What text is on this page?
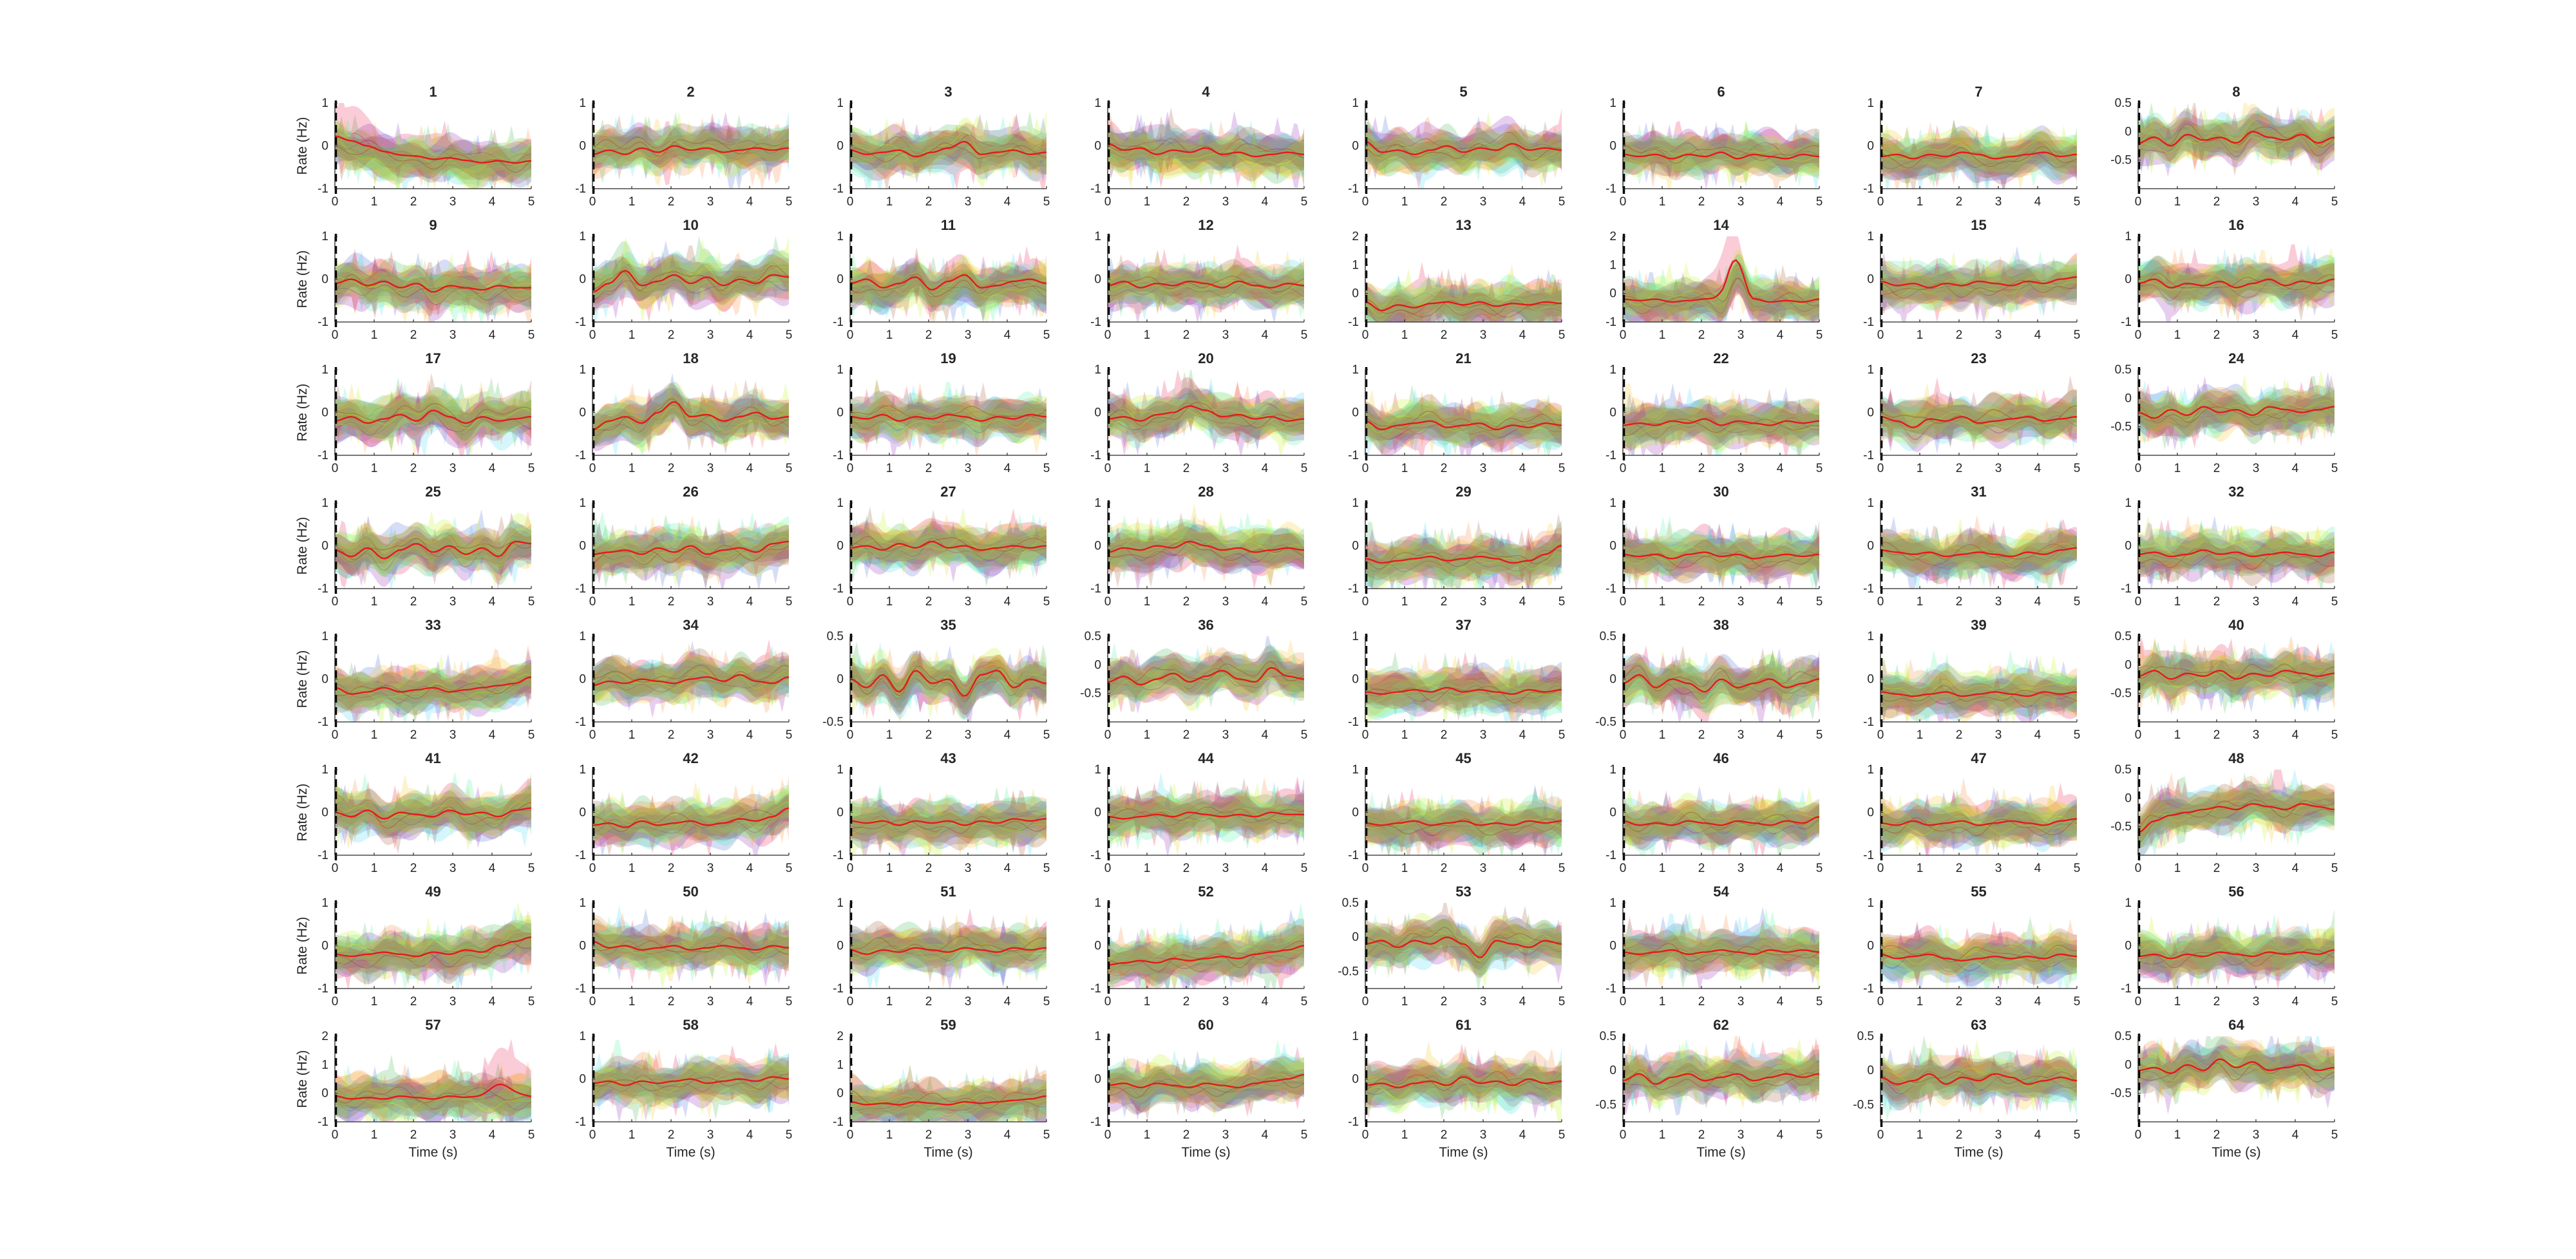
0	1	2	3	4	5
-1
0
1
1
Rate (Hz)
0	1	2	3	4	5
-1
0
1
2
0	1	2	3	4	5
-1
0
1
3
0	1	2	3	4	5
-1
0
1
4
0	1	2	3	4	5
-1
0
1
5
0	1	2	3	4	5
-1
0
1
6
0	1	2	3	4	5
-1
0
1
7
0	1	2	3	4	5
-0.5
0
0.5
8
0	1	2	3	4	5
-1
0
1
9
Rate (Hz)
0	1	2	3	4	5
-1
0
1
10
0	1	2	3	4	5
-1
0
1
11
0	1	2	3	4	5
-1
0
1
12
0	1	2	3	4	5
-1
0
1
2
13
0	1	2	3	4	5
-1
0
1
2
14
0	1	2	3	4	5
-1
0
1
15
0	1	2	3	4	5
-1
0
1
16
0	1	2	3	4	5
-1
0
1
17
Rate (Hz)
0	1	2	3	4	5
-1
0
1
18
0	1	2	3	4	5
-1
0
1
19
0	1	2	3	4	5
-1
0
1
20
0	1	2	3	4	5
-1
0
1
21
0	1	2	3	4	5
-1
0
1
22
0	1	2	3	4	5
-1
0
1
23
0	1	2	3	4	5
-0.5
0
0.5
24
0	1	2	3	4	5
-1
0
1
25
Rate (Hz)
0	1	2	3	4	5
-1
0
1
26
0	1	2	3	4	5
-1
0
1
27
0	1	2	3	4	5
-1
0
1
28
0	1	2	3	4	5
-1
0
1
29
0	1	2	3	4	5
-1
0
1
30
0	1	2	3	4	5
-1
0
1
31
0	1	2	3	4	5
-1
0
1
32
0	1	2	3	4	5
-1
0
1
33
Rate (Hz)
0	1	2	3	4	5
-1
0
1
34
0	1	2	3	4	5
-0.5
0
0.5
35
0	1	2	3	4	5
-0.5
0
0.5
36
0	1	2	3	4	5
-1
0
1
37
0	1	2	3	4	5
-0.5
0
0.5
38
0	1	2	3	4	5
-1
0
1
39
0	1	2	3	4	5
-0.5
0
0.5
40
0	1	2	3	4	5
-1
0
1
41
Rate (Hz)
0	1	2	3	4	5
-1
0
1
42
0	1	2	3	4	5
-1
0
1
43
0	1	2	3	4	5
-1
0
1
44
0	1	2	3	4	5
-1
0
1
45
0	1	2	3	4	5
-1
0
1
46
0	1	2	3	4	5
-1
0
1
47
0	1	2	3	4	5
-0.5
0
0.5
48
0	1	2	3	4	5
-1
0
1
49
Rate (Hz)
0	1	2	3	4	5
-1
0
1
50
0	1	2	3	4	5
-1
0
1
51
0	1	2	3	4	5
-1
0
1
52
0	1	2	3	4	5
-0.5
0
0.5
53
0	1	2	3	4	5
-1
0
1
54
0	1	2	3	4	5
-1
0
1
55
0	1	2	3	4	5
-1
0
1
56
0	1	2	3	4	5
-1
0
1
2
57
Rate (Hz)
Time (s)
0	1	2	3	4	5
-1
0
1
58
Time (s)
0	1	2	3	4	5
-1
0
1
2
59
Time (s)
0	1	2	3	4	5
-1
0
1
60
Time (s)
0	1	2	3	4	5
-1
0
1
61
Time (s)
0	1	2	3	4	5
-0.5
0
0.5
62
Time (s)
0	1	2	3	4	5
-0.5
0
0.5
63
Time (s)
0	1	2	3	4	5
-0.5
0
0.5
64
Time (s)
